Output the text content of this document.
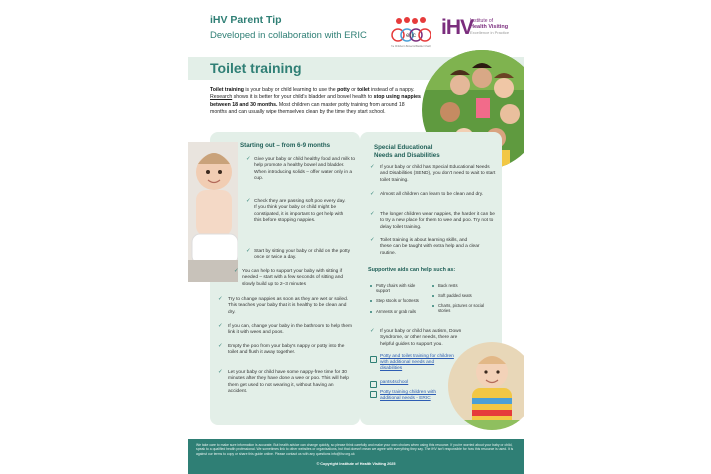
iHV Parent Tip
Developed in collaboration with ERIC	eric
The Children's Bowel & Bladder Charity
iHV
Institute of
Health Visiting
Excellence in Practice
Toilet training
Toilet training is your baby or child learning to use the potty or toilet instead of a nappy. Research shows it is better for your child's bladder and bowel health to stop using nappies between 18 and 30 months. Most children can master potty training from around 18 months and can usually wipe themselves clean by the time they start school.
Starting out – from 6-9 months
✓ Give your baby or child healthy food and milk to help promote a healthy bowel and bladder. When introducing solids – offer water only in a cup.
✓ Check they are passing soft poo every day. If you think your baby or child might be constipated, it is important to get help with this before stopping nappies.
✓ Start by sitting your baby or child on the potty once or twice a day.
✓ You can help to support your baby with sitting if needed – start with a few seconds of sitting and slowly build up to 2–3 minutes
✓ Try to change nappies as soon as they are wet or soiled. This teaches your baby that it is healthy to be clean and dry.
✓ If you can, change your baby in the bathroom to help them link it with wees and poos.
✓ Empty the poo from your baby's nappy or potty into the toilet and flush it away together.
✓ Let your baby or child have some nappy-free time for 30 minutes after they have done a wee or poo. This will help them get used to not wearing it, without having an accident.
Special Educational
Needs and Disabilities
✓ If your baby or child has Special Educational Needs and Disabilities (SEND), you don't need to wait to start toilet training.
✓ Almost all children can learn to be clean and dry.
✓ The longer children wear nappies, the harder it can be to try a new place for them to wee and poo. Try not to delay toilet training.
✓ Toilet training is about learning skills, and these can be taught with extra help and a clear routine.
Supportive aids can help such as:
Potty chairs with side support
Back rests
Step stools or footrests
Soft padded seats
Armrests or grab rails
Charts, pictures or social stories
✓ If your baby or child has autism, Down Syndrome, or other needs, there are helpful guides to support you.
Potty and toilet training for children with additional needs and disabilities
pants4school
Potty training children with additional needs - ERIC
We take care to make sure information is accurate. But health advice can change quickly, so please think carefully and make your own choices when using this resource. If you're worried about your baby or child, speak to a qualified health professional. We sometimes link to other websites or organisations, but that doesn't mean we agree with everything they say. The iHV isn't responsible for how this resource is used. It is against our terms to copy or share this guide online. Please contact us with any questions info@ihv.org.uk
© Copyright Institute of Health Visiting 2025
